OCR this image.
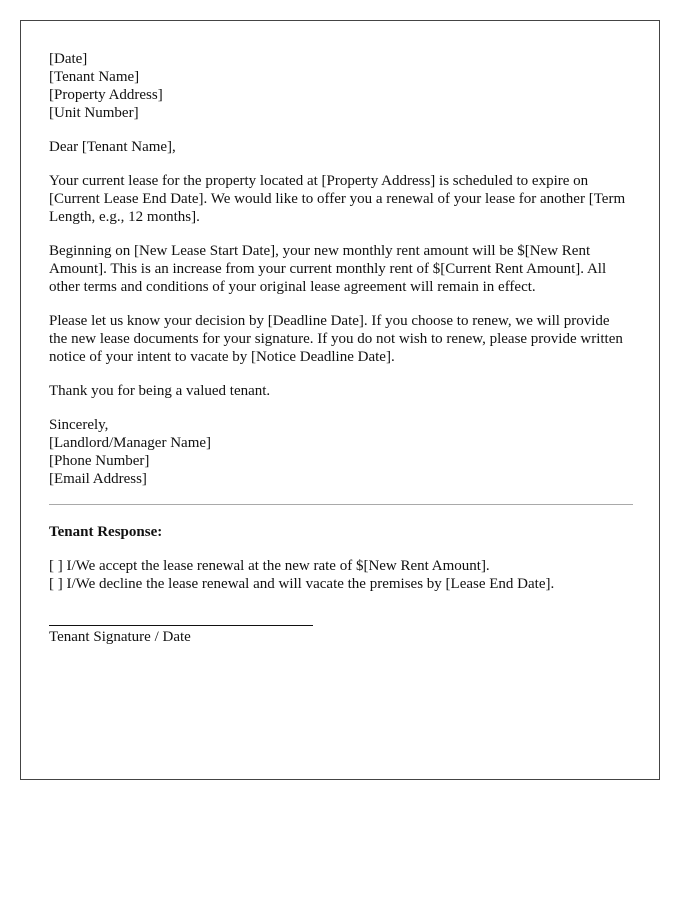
[Date]
[Tenant Name]
[Property Address]
[Unit Number]

Dear [Tenant Name],

Your current lease for the property located at [Property Address] is scheduled to expire on [Current Lease End Date]. We would like to offer you a renewal of your lease for another [Term Length, e.g., 12 months].

Beginning on [New Lease Start Date], your new monthly rent amount will be $[New Rent Amount]. This is an increase from your current monthly rent of $[Current Rent Amount]. All other terms and conditions of your original lease agreement will remain in effect.

Please let us know your decision by [Deadline Date]. If you choose to renew, we will provide the new lease documents for your signature. If you do not wish to renew, please provide written notice of your intent to vacate by [Notice Deadline Date].

Thank you for being a valued tenant.

Sincerely,
[Landlord/Manager Name]
[Phone Number]
[Email Address]
Tenant Response:
[ ] I/We accept the lease renewal at the new rate of $[New Rent Amount].
[ ] I/We decline the lease renewal and will vacate the premises by [Lease End Date].
Tenant Signature / Date
